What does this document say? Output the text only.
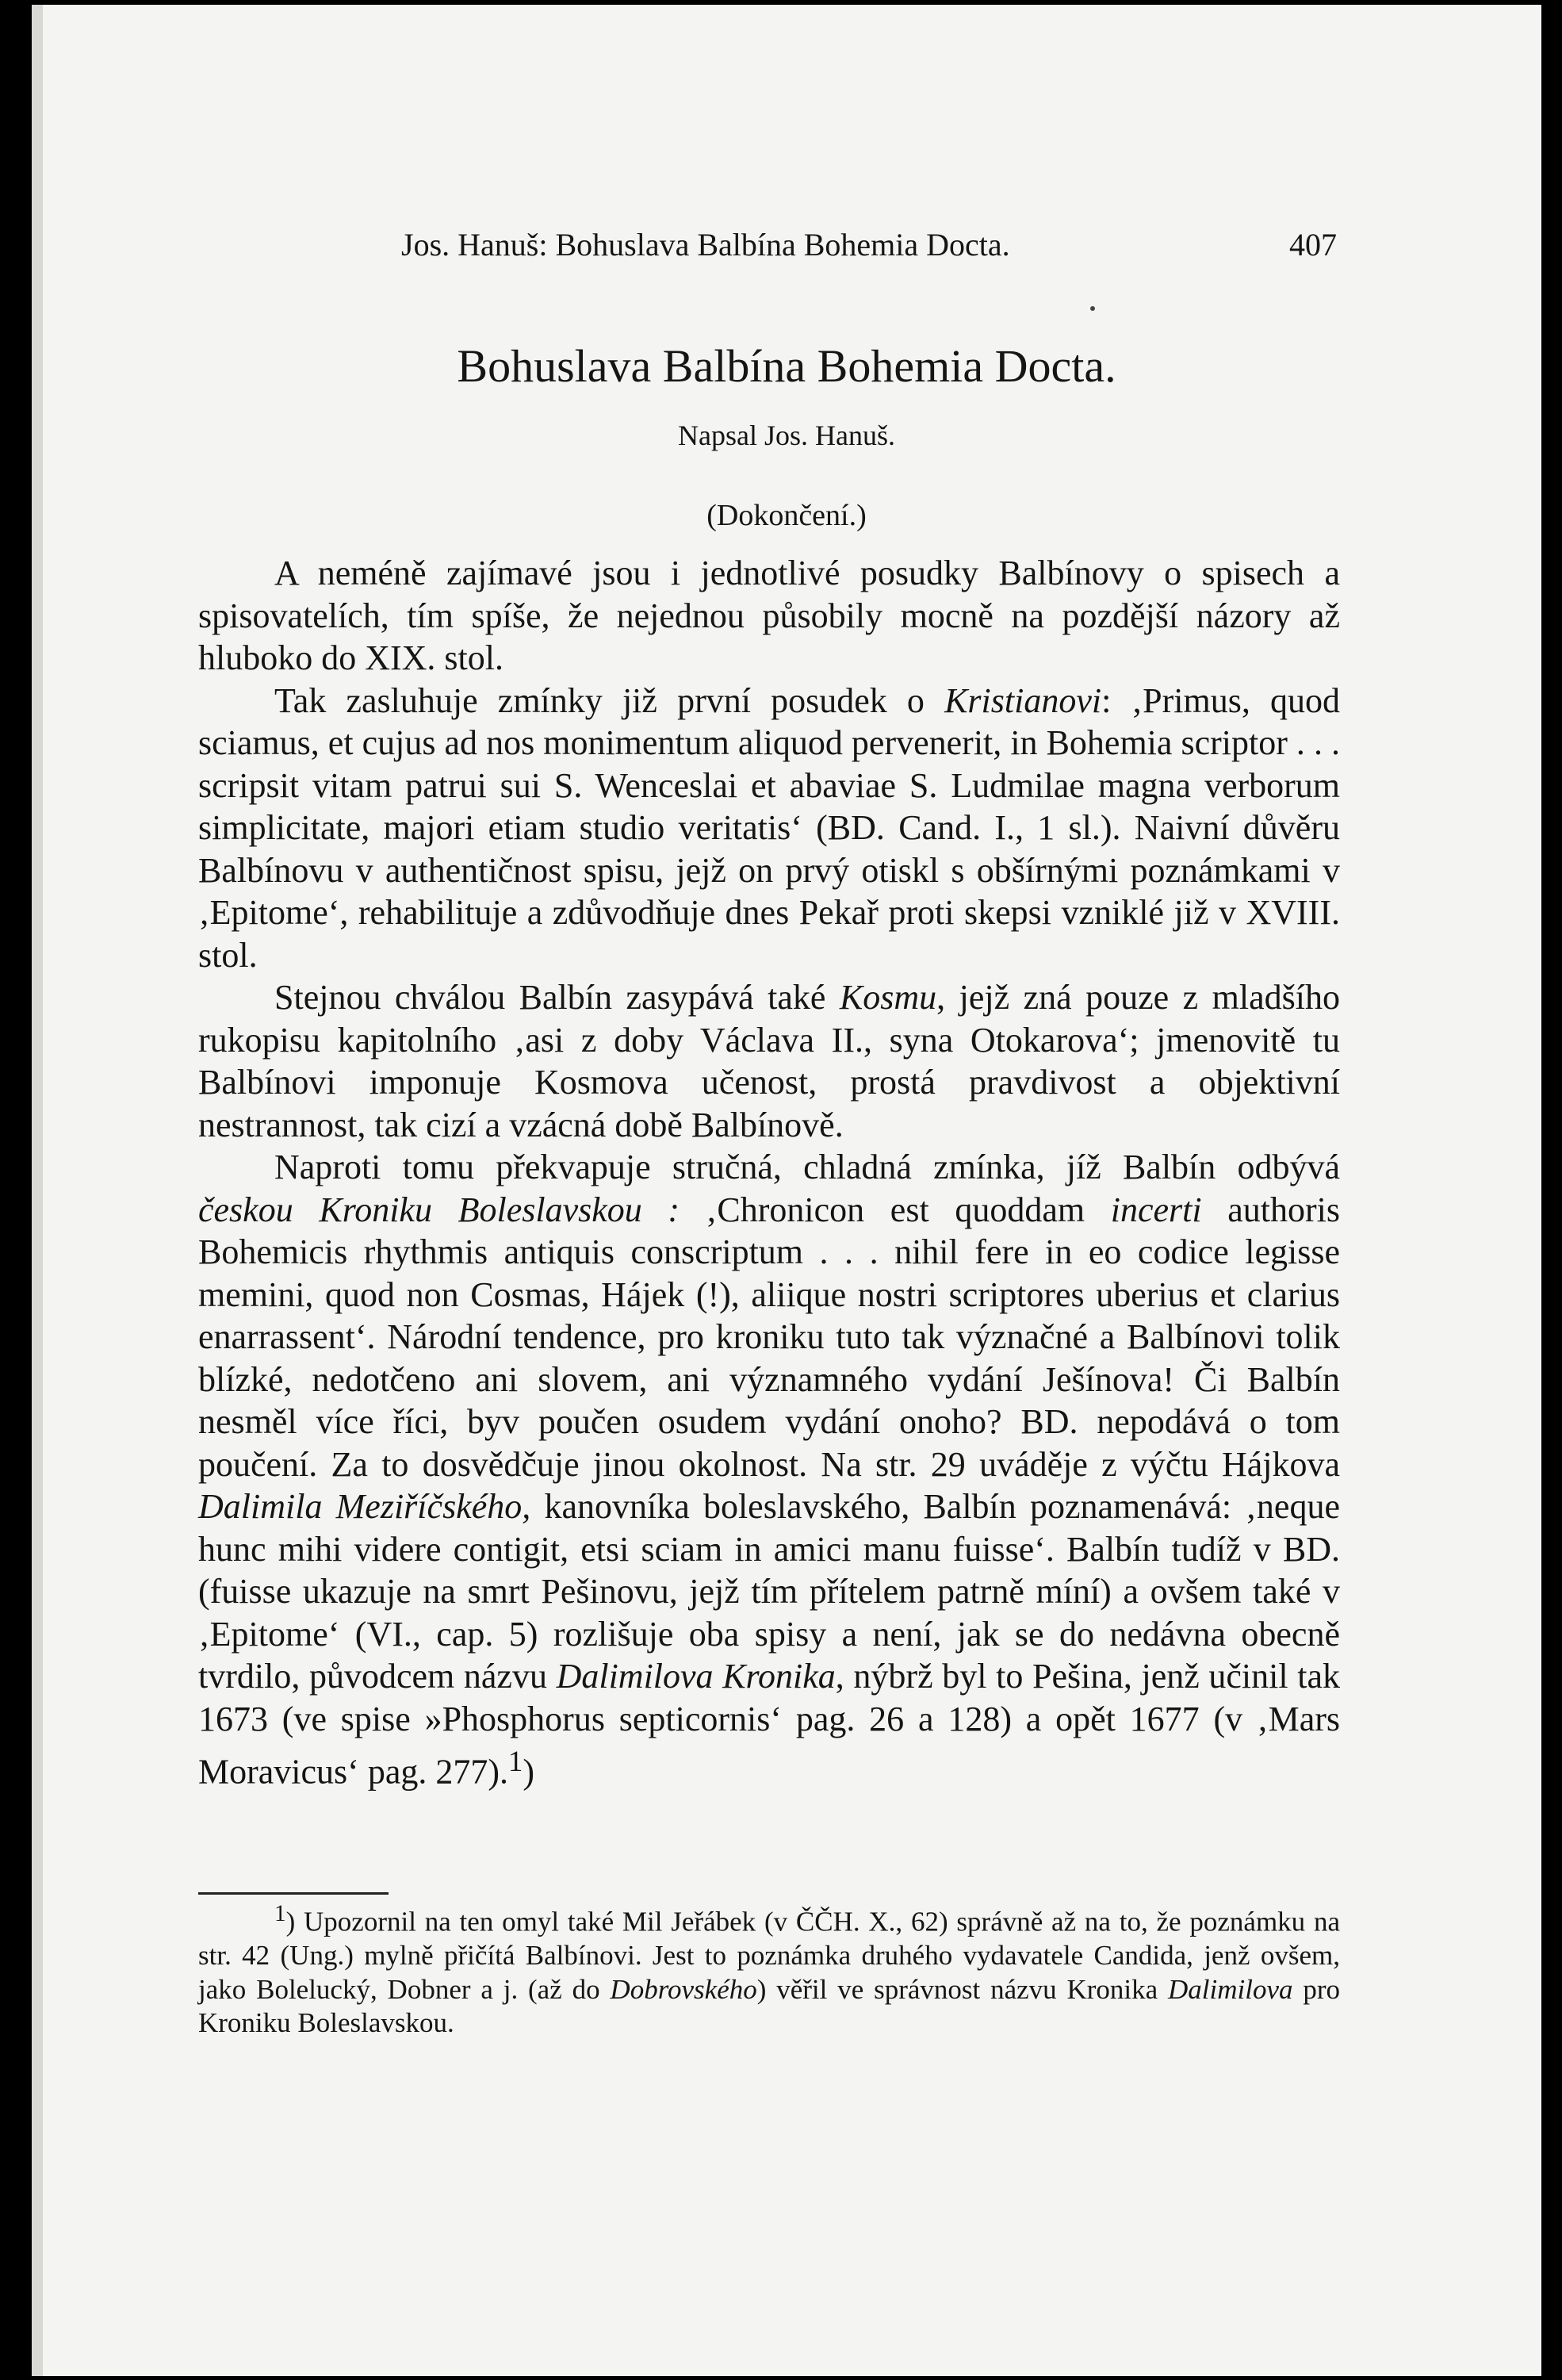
Jos. Hanuš: Bohuslava Balbína Bohemia Docta.	407
Bohuslava Balbína Bohemia Docta.
Napsal Jos. Hanuš.
(Dokončení.)

A neméně zajímavé jsou i jednotlivé posudky Balbínovy o spisech a spisovatelích, tím spíše, že nejednou působily mocně na pozdější názory až hluboko do XIX. stol.

Tak zasluhuje zmínky již první posudek o Kristianovi: ‚Primus, quod sciamus, et cujus ad nos monimentum aliquod pervenerit, in Bohemia scriptor . . . scripsit vitam patrui sui S. Wenceslai et abaviae S. Ludmilae magna verborum simplicitate, majori etiam studio veritatis‘ (BD. Cand. I., 1 sl.). Naivní důvěru Balbínovu v authentičnost spisu, jejž on prvý otiskl s obšírnými poznámkami v ‚Epitome‘, rehabilituje a zdůvodňuje dnes Pekař proti skepsi vzniklé již v XVIII. stol.

Stejnou chválou Balbín zasypává také Kosmu, jejž zná pouze z mladšího rukopisu kapitolního ‚asi z doby Václava II., syna Otokarova‘; jmenovitě tu Balbínovi imponuje Kosmova učenost, prostá pravdivost a objektivní nestrannost, tak cizí a vzácná době Balbínově.

Naproti tomu překvapuje stručná, chladná zmínka, jíž Balbín odbývá českou Kroniku Boleslavskou : ‚Chronicon est quoddam incerti authoris Bohemicis rhythmis antiquis conscriptum . . . nihil fere in eo codice legisse memini, quod non Cosmas, Hájek (!), aliique nostri scriptores uberius et clarius enarrassent‘. Národní tendence, pro kroniku tuto tak význačné a Balbínovi tolik blízké, nedotčeno ani slovem, ani významného vydání Ješínova! Či Balbín nesměl více říci, byv poučen osudem vydání onoho? BD. nepodává o tom poučení. Za to dosvědčuje jinou okolnost. Na str. 29 uváděje z výčtu Hájkova Dalimila Meziříčského, kanovníka boleslavského, Balbín poznamenává: ‚neque hunc mihi videre contigit, etsi sciam in amici manu fuisse‘. Balbín tudíž v BD. (fuisse ukazuje na smrt Pešinovu, jejž tím přítelem patrně míní) a ovšem také v ‚Epitome‘ (VI., cap. 5) rozlišuje oba spisy a není, jak se do nedávna obecně tvrdilo, původcem názvu Dalimilova Kronika, nýbrž byl to Pešina, jenž učinil tak 1673 (ve spise »Phosphorus septicornis‘ pag. 26 a 128) a opět 1677 (v ‚Mars Moravicus‘ pag. 277).$^1$)

$^1$) Upozornil na ten omyl také Mil Jeřábek (v ČČH. X., 62) správně až na to, že poznámku na str. 42 (Ung.) mylně přičítá Balbínovi. Jest to poznámka druhého vydavatele Candida, jenž ovšem, jako Bolelucký, Dobner a j. (až do Dobrovského) věřil ve správnost názvu Kronika Dalimilova pro Kroniku Boleslavskou.
